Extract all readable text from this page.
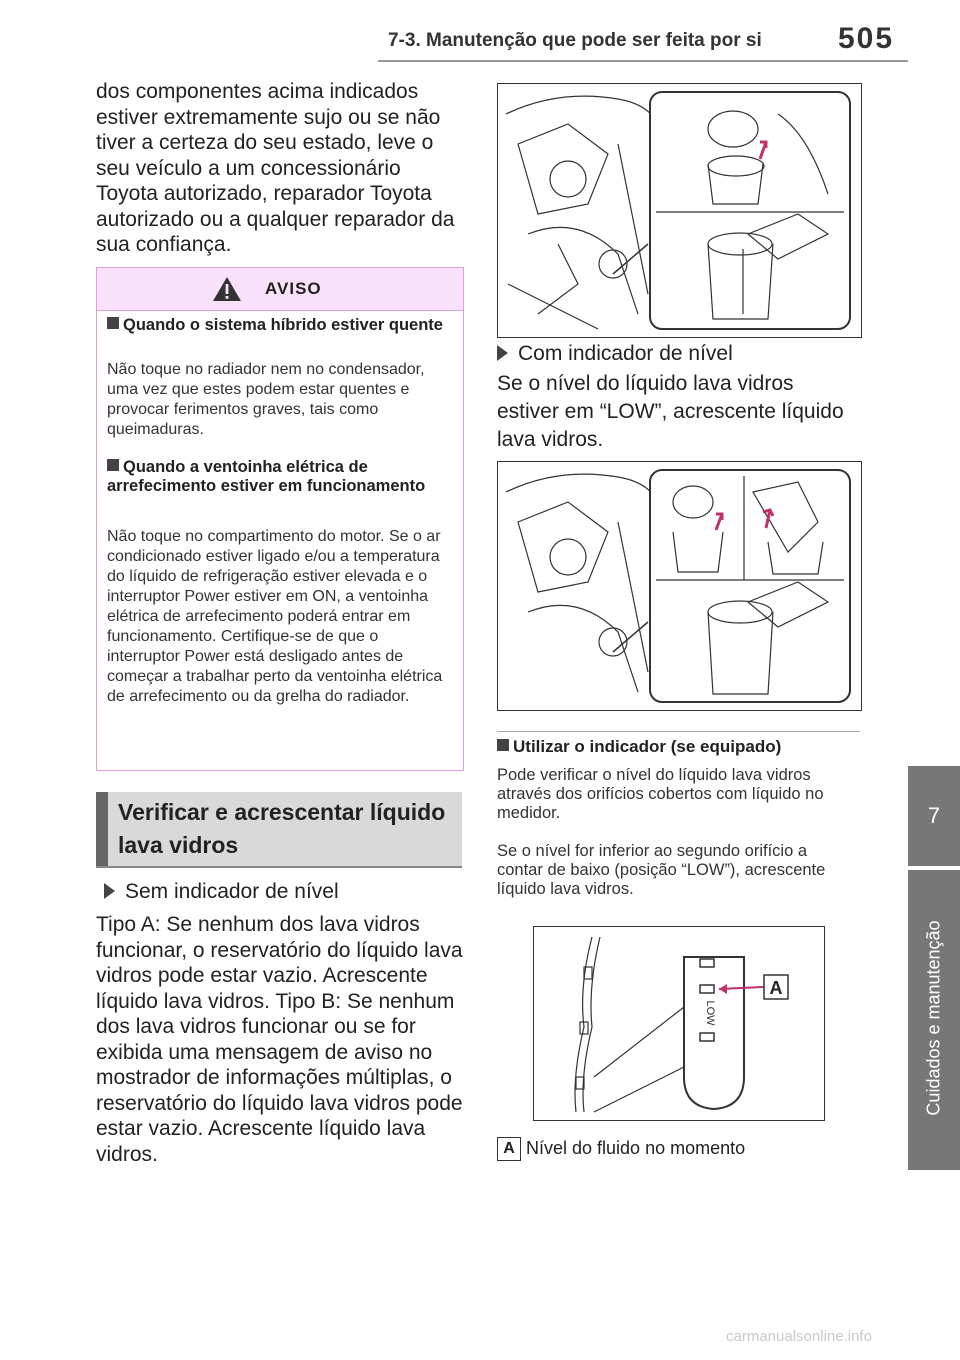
7-3. Manutenção que pode ser feita por si	505
7
Cuidados e manutenção
dos componentes acima indicados estiver extremamente sujo ou se não tiver a certeza do seu estado, leve o seu veículo a um concessionário Toyota autorizado, reparador Toyota autorizado ou a qualquer reparador da sua confiança.
AVISO
Quando o sistema híbrido estiver quente
Não toque no radiador nem no condensador, uma vez que estes podem estar quentes e provocar ferimentos graves, tais como queimaduras.
Quando a ventoinha elétrica de arrefecimento estiver em funcionamento
Não toque no compartimento do motor. Se o ar condicionado estiver ligado e/ou a temperatura do líquido de refrigeração estiver elevada e o interruptor Power estiver em ON, a ventoinha elétrica de arrefecimento poderá entrar em funcionamento. Certifique-se de que o interruptor Power está desligado antes de começar a trabalhar perto da ventoinha elétrica de arrefecimento ou da grelha do radiador.
Verificar e acrescentar líquido lava vidros
Sem indicador de nível
Tipo A: Se nenhum dos lava vidros funcionar, o reservatório do líquido lava vidros pode estar vazio. Acrescente líquido lava vidros. Tipo B: Se nenhum dos lava vidros funcionar ou se for exibida uma mensagem de aviso no mostrador de informações múltiplas, o reservatório do líquido lava vidros pode estar vazio. Acrescente líquido lava vidros.
Com indicador de nível
Se o nível do líquido lava vidros estiver em “LOW”, acrescente líquido lava vidros.
Utilizar o indicador (se equipado)
Pode verificar o nível do líquido lava vidros através dos orifícios cobertos com líquido no medidor.
Se o nível for inferior ao segundo orifício a contar de baixo (posição “LOW”), acrescente líquido lava vidros.
LOW
A
A Nível do fluido no momento
carmanualsonline.info
